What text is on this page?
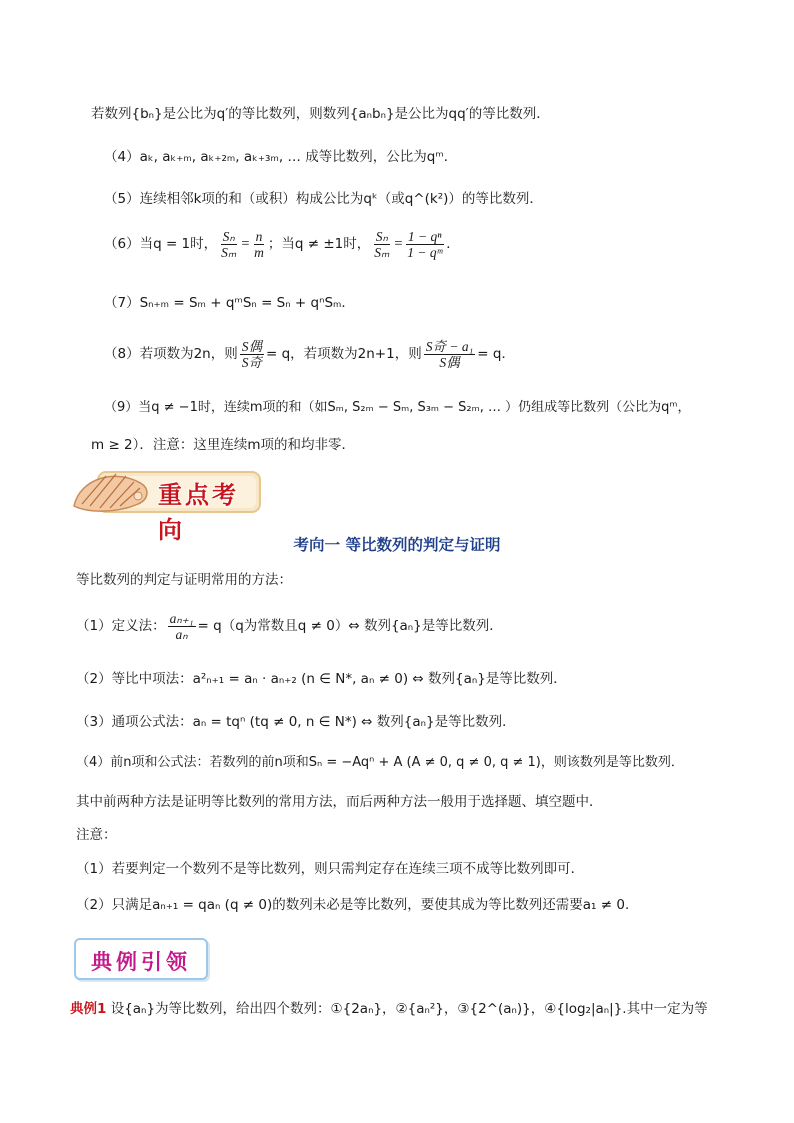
若数列{bₙ}是公比为q′的等比数列，则数列{aₙbₙ}是公比为qq′的等比数列．
（4）aₖ, aₖ₊ₘ, aₖ₊₂ₘ, aₖ₊₃ₘ, … 成等比数列，公比为qᵐ．
（5）连续相邻k项的和（或积）构成公比为qᵏ（或q^(k²)）的等比数列．
（6）当q = 1时， $\frac{\text{Sₙ}}{\text{Sₘ}} = \frac{n}{m}$ ；当q ≠ ±1时， $\frac{\text{Sₙ}}{\text{Sₘ}} = \frac{\text{1 − qⁿ}}{\text{1 − qᵐ}}$ ．
（7）Sₙ₊ₘ = Sₘ + qᵐSₙ = Sₙ + qⁿSₘ．
（8）若项数为2n，则 $\frac{\text{S偶}}{\text{S奇}} = q$，若项数为2n+1，则 $\frac{\text{S奇 − a₁}}{\text{S偶}} = q$．
（9）当q ≠ −1时，连续m项的和（如Sₘ, S₂ₘ − Sₘ, S₃ₘ − S₂ₘ, … ）仍组成等比数列（公比为qᵐ，
m ≥ 2）．注意：这里连续m项的和均非零．
重点考向
考向一 等比数列的判定与证明
等比数列的判定与证明常用的方法：
（1）定义法： $\frac{\text{aₙ₊₁}}{\text{aₙ}} = q(q$为常数且q ≠ 0）⇔ 数列{aₙ}是等比数列．
（2）等比中项法：a²ₙ₊₁ = aₙ · aₙ₊₂ (n ∈ N*, aₙ ≠ 0) ⇔ 数列{aₙ}是等比数列．
（3）通项公式法：aₙ = tqⁿ (tq ≠ 0, n ∈ N*) ⇔ 数列{aₙ}是等比数列．
（4）前n项和公式法：若数列的前n项和Sₙ = −Aqⁿ + A (A ≠ 0, q ≠ 0, q ≠ 1)，则该数列是等比数列．
其中前两种方法是证明等比数列的常用方法，而后两种方法一般用于选择题、填空题中．
注意：
（1）若要判定一个数列不是等比数列，则只需判定存在连续三项不成等比数列即可．
（2）只满足aₙ₊₁ = qaₙ (q ≠ 0)的数列未必是等比数列，要使其成为等比数列还需要a₁ ≠ 0.
典例引领
典例1 设{aₙ}为等比数列，给出四个数列：①{2aₙ}，②{aₙ²}，③{2^(aₙ)}，④{log₂|aₙ|}.其中一定为等
